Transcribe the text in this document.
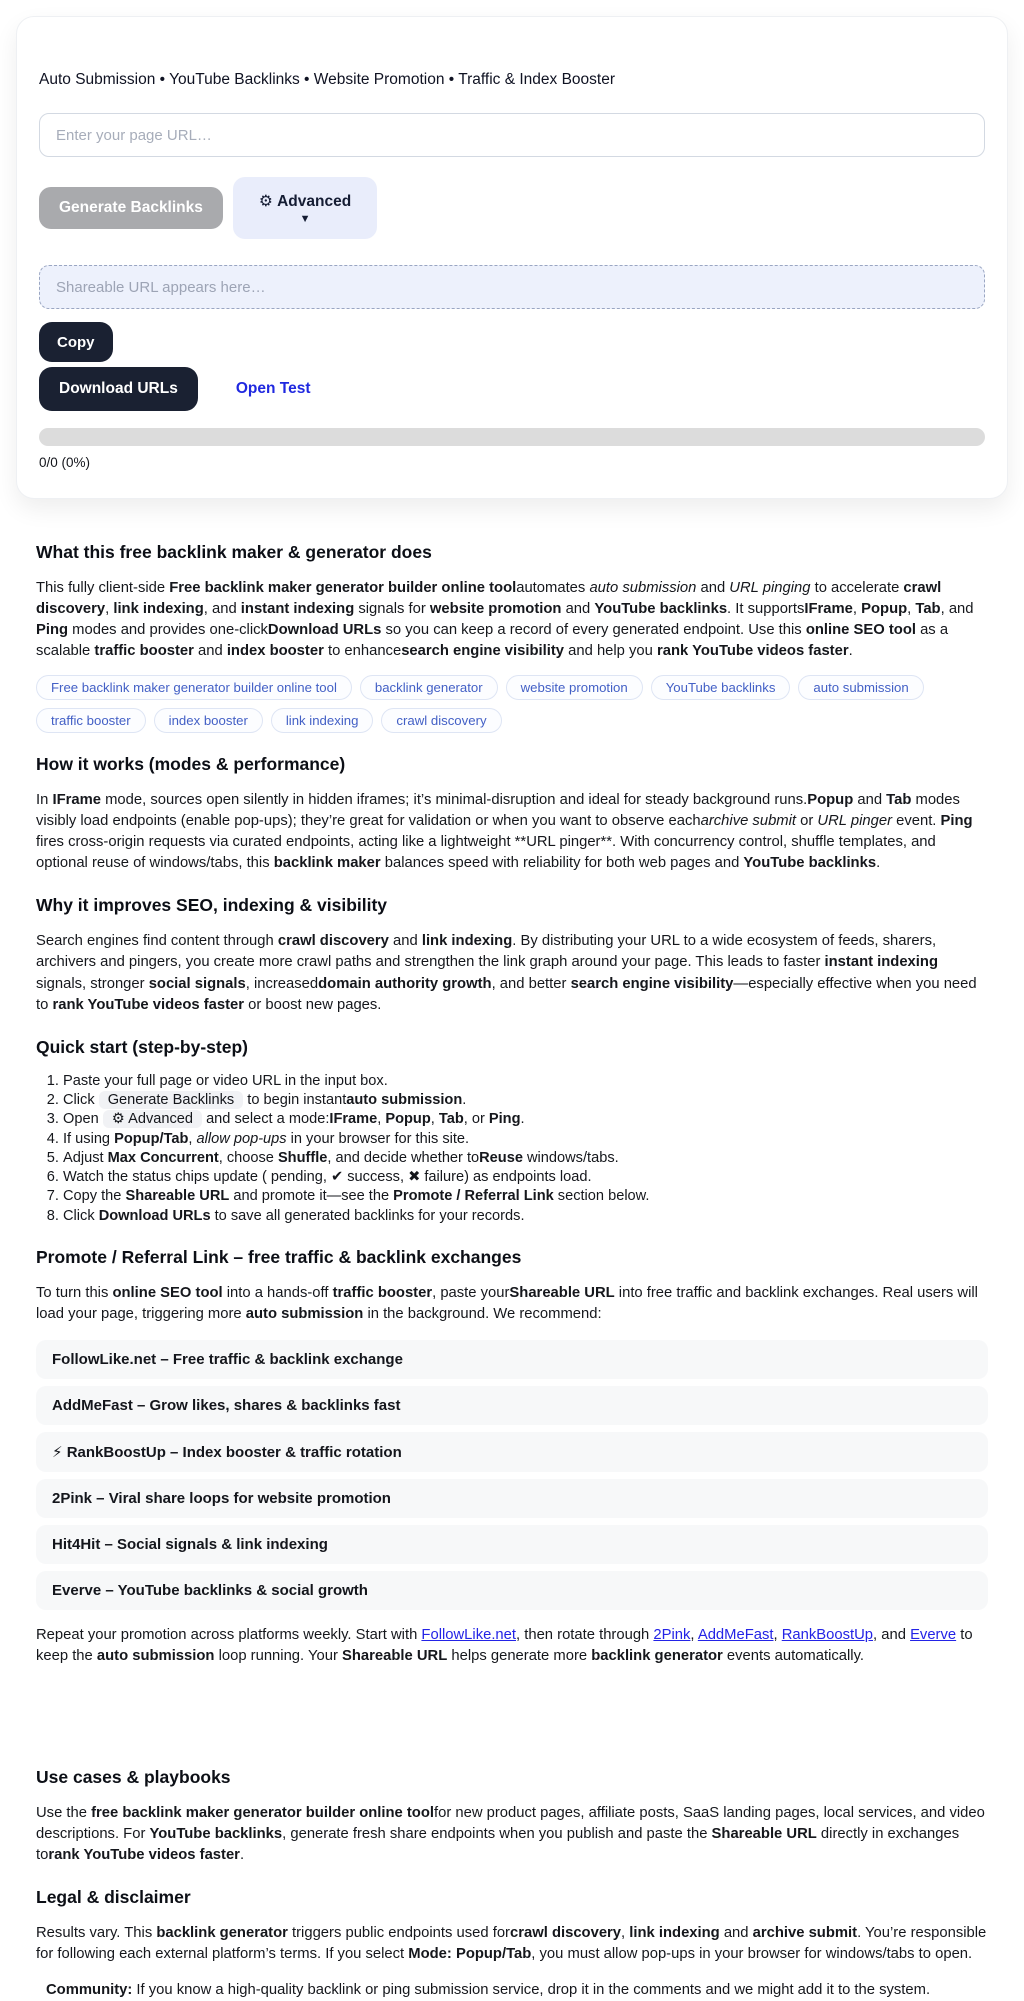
Auto Submission • YouTube Backlinks • Website Promotion • Traffic & Index Booster
Enter your page URL…
Generate Backlinks	⚙ Advanced
▼
Shareable URL appears here…
Copy
Download URLs	Open Test
0/0 (0%)
What this free backlink maker & generator does

This fully client-side Free backlink maker generator builder online toolautomates auto submission and URL pinging to accelerate crawl discovery, link indexing, and instant indexing signals for website promotion and YouTube backlinks. It supportsIFrame, Popup, Tab, and Ping modes and provides one-clickDownload URLs so you can keep a record of every generated endpoint. Use this online SEO tool as a scalable traffic booster and index booster to enhancesearch engine visibility and help you rank YouTube videos faster.

Free backlink maker generator builder online tool	backlink generator	website promotion	YouTube backlinks	auto submission
traffic booster	index booster	link indexing	crawl discovery
How it works (modes & performance)

In IFrame mode, sources open silently in hidden iframes; it’s minimal-disruption and ideal for steady background runs.Popup and Tab modes visibly load endpoints (enable pop-ups); they’re great for validation or when you want to observe eacharchive submit or URL pinger event. Ping fires cross-origin requests via curated endpoints, acting like a lightweight **URL pinger**. With concurrency control, shuffle templates, and optional reuse of windows/tabs, this backlink maker balances speed with reliability for both web pages and YouTube backlinks.

Why it improves SEO, indexing & visibility

Search engines find content through crawl discovery and link indexing. By distributing your URL to a wide ecosystem of feeds, sharers, archivers and pingers, you create more crawl paths and strengthen the link graph around your page. This leads to faster instant indexing signals, stronger social signals, increaseddomain authority growth, and better search engine visibility—especially effective when you need to rank YouTube videos faster or boost new pages.

Quick start (step-by-step)
1. Paste your full page or video URL in the input box.
2. Click Generate Backlinks to begin instantauto submission.
3. Open ⚙ Advanced and select a mode:IFrame, Popup, Tab, or Ping.
4. If using Popup/Tab, allow pop-ups in your browser for this site.
5. Adjust Max Concurrent, choose Shuffle, and decide whether toReuse windows/tabs.
6. Watch the status chips update ( pending, ✔ success, ✖ failure) as endpoints load.
7. Copy the Shareable URL and promote it—see the Promote / Referral Link section below.
8. Click Download URLs to save all generated backlinks for your records.
Promote / Referral Link – free traffic & backlink exchanges

To turn this online SEO tool into a hands-off traffic booster, paste yourShareable URL into free traffic and backlink exchanges. Real users will load your page, triggering more auto submission in the background. We recommend:

FollowLike.net – Free traffic & backlink exchange
AddMeFast – Grow likes, shares & backlinks fast
⚡ RankBoostUp – Index booster & traffic rotation
2Pink – Viral share loops for website promotion
Hit4Hit – Social signals & link indexing
Everve – YouTube backlinks & social growth

Repeat your promotion across platforms weekly. Start with FollowLike.net, then rotate through 2Pink, AddMeFast, RankBoostUp, and Everve to keep the auto submission loop running. Your Shareable URL helps generate more backlink generator events automatically.

Use cases & playbooks

Use the free backlink maker generator builder online toolfor new product pages, affiliate posts, SaaS landing pages, local services, and video descriptions. For YouTube backlinks, generate fresh share endpoints when you publish and paste the Shareable URL directly in exchanges torank YouTube videos faster.

Legal & disclaimer

Results vary. This backlink generator triggers public endpoints used forcrawl discovery, link indexing and archive submit. You’re responsible for following each external platform’s terms. If you select Mode: Popup/Tab, you must allow pop-ups in your browser for windows/tabs to open.

Community: If you know a high-quality backlink or ping submission service, drop it in the comments and we might add it to the system.
